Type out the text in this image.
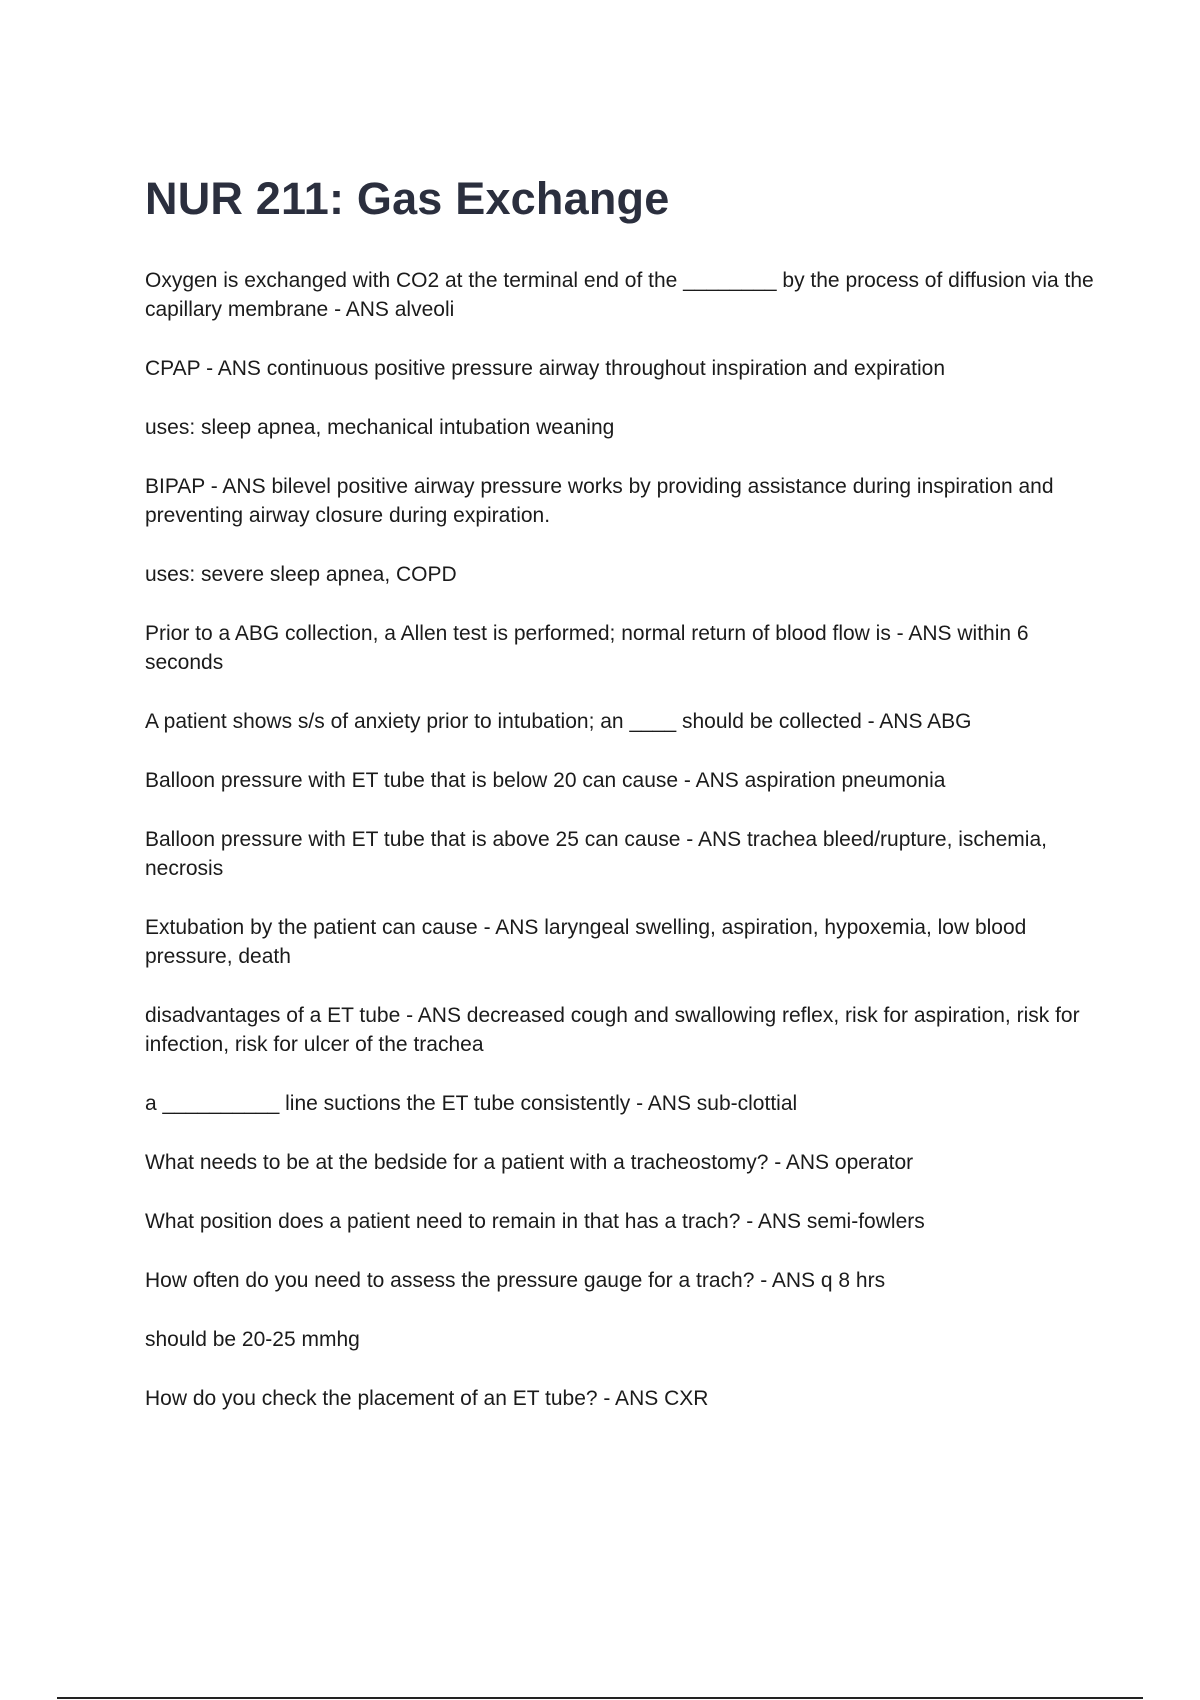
NUR 211: Gas Exchange

Oxygen is exchanged with CO2 at the terminal end of the ________ by the process of diffusion via the capillary membrane - ANS alveoli

CPAP - ANS continuous positive pressure airway throughout inspiration and expiration

uses: sleep apnea, mechanical intubation weaning

BIPAP - ANS bilevel positive airway pressure works by providing assistance during inspiration and preventing airway closure during expiration.

uses: severe sleep apnea, COPD

Prior to a ABG collection, a Allen test is performed; normal return of blood flow is - ANS within 6 seconds

A patient shows s/s of anxiety prior to intubation; an ____ should be collected - ANS ABG

Balloon pressure with ET tube that is below 20 can cause - ANS aspiration pneumonia

Balloon pressure with ET tube that is above 25 can cause - ANS trachea bleed/rupture, ischemia, necrosis

Extubation by the patient can cause - ANS laryngeal swelling, aspiration, hypoxemia, low blood pressure, death

disadvantages of a ET tube - ANS decreased cough and swallowing reflex, risk for aspiration, risk for infection, risk for ulcer of the trachea

a __________ line suctions the ET tube consistently - ANS sub-clottial

What needs to be at the bedside for a patient with a tracheostomy? - ANS operator

What position does a patient need to remain in that has a trach? - ANS semi-fowlers

How often do you need to assess the pressure gauge for a trach? - ANS q 8 hrs

should be 20-25 mmhg

How do you check the placement of an ET tube? - ANS CXR
